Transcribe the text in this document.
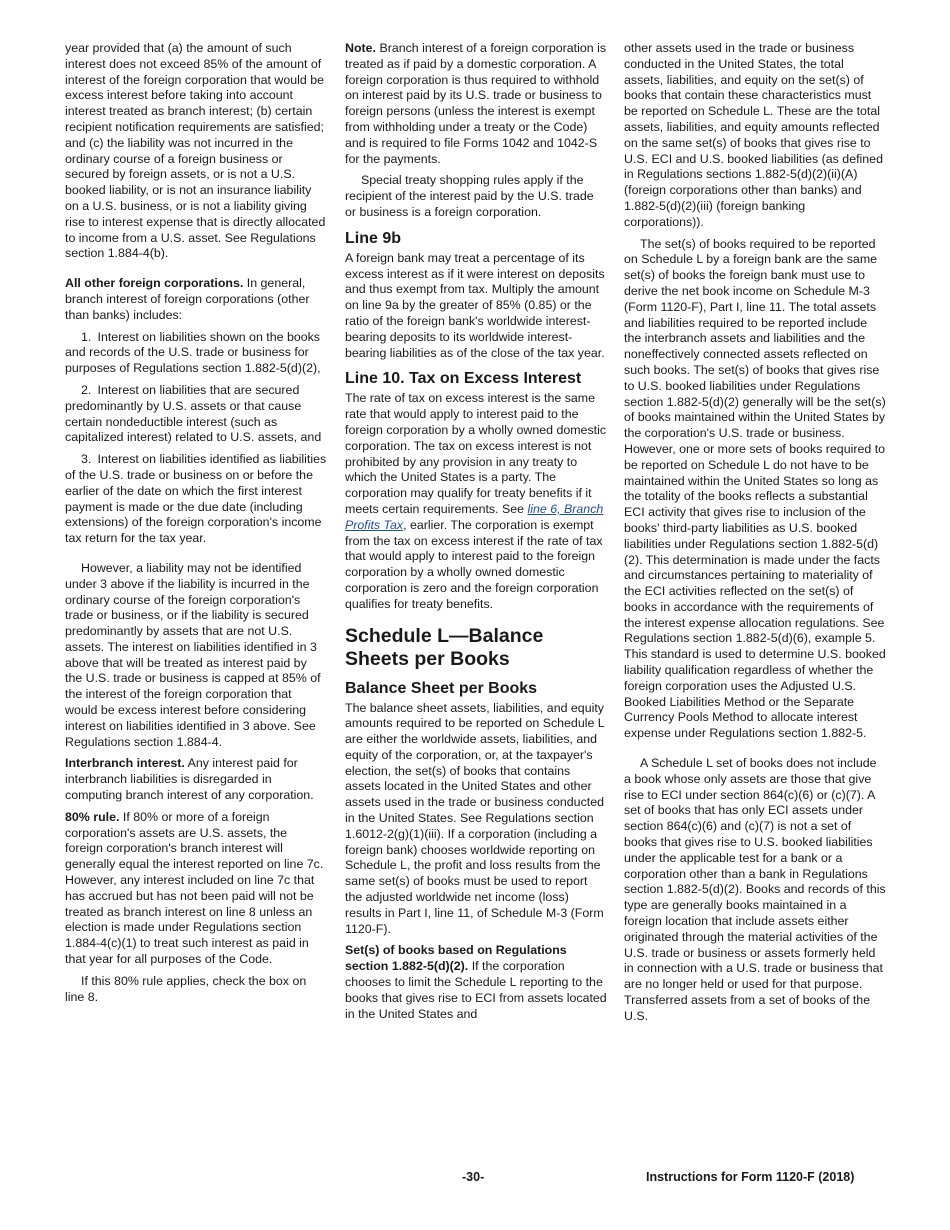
year provided that (a) the amount of such interest does not exceed 85% of the amount of interest of the foreign corporation that would be excess interest before taking into account interest treated as branch interest; (b) certain recipient notification requirements are satisfied; and (c) the liability was not incurred in the ordinary course of a foreign business or secured by foreign assets, or is not a U.S. booked liability, or is not an insurance liability on a U.S. business, or is not a liability giving rise to interest expense that is directly allocated to income from a U.S. asset. See Regulations section 1.884-4(b).

All other foreign corporations. In general, branch interest of foreign corporations (other than banks) includes:

1. Interest on liabilities shown on the books and records of the U.S. trade or business for purposes of Regulations section 1.882-5(d)(2),

2. Interest on liabilities that are secured predominantly by U.S. assets or that cause certain nondeductible interest (such as capitalized interest) related to U.S. assets, and

3. Interest on liabilities identified as liabilities of the U.S. trade or business on or before the earlier of the date on which the first interest payment is made or the due date (including extensions) of the foreign corporation's income tax return for the tax year.

However, a liability may not be identified under 3 above if the liability is incurred in the ordinary course of the foreign corporation's trade or business, or if the liability is secured predominantly by assets that are not U.S. assets. The interest on liabilities identified in 3 above that will be treated as interest paid by the U.S. trade or business is capped at 85% of the interest of the foreign corporation that would be excess interest before considering interest on liabilities identified in 3 above. See Regulations section 1.884-4.

Interbranch interest. Any interest paid for interbranch liabilities is disregarded in computing branch interest of any corporation.

80% rule. If 80% or more of a foreign corporation's assets are U.S. assets, the foreign corporation's branch interest will generally equal the interest reported on line 7c. However, any interest included on line 7c that has accrued but has not been paid will not be treated as branch interest on line 8 unless an election is made under Regulations section 1.884-4(c)(1) to treat such interest as paid in that year for all purposes of the Code.

If this 80% rule applies, check the box on line 8.

Note. Branch interest of a foreign corporation is treated as if paid by a domestic corporation. A foreign corporation is thus required to withhold on interest paid by its U.S. trade or business to foreign persons (unless the interest is exempt from withholding under a treaty or the Code) and is required to file Forms 1042 and 1042-S for the payments.

Special treaty shopping rules apply if the recipient of the interest paid by the U.S. trade or business is a foreign corporation.

Line 9b

A foreign bank may treat a percentage of its excess interest as if it were interest on deposits and thus exempt from tax. Multiply the amount on line 9a by the greater of 85% (0.85) or the ratio of the foreign bank's worldwide interest-bearing deposits to its worldwide interest-bearing liabilities as of the close of the tax year.

Line 10. Tax on Excess Interest

The rate of tax on excess interest is the same rate that would apply to interest paid to the foreign corporation by a wholly owned domestic corporation. The tax on excess interest is not prohibited by any provision in any treaty to which the United States is a party. The corporation may qualify for treaty benefits if it meets certain requirements. See line 6, Branch Profits Tax, earlier. The corporation is exempt from the tax on excess interest if the rate of tax that would apply to interest paid to the foreign corporation by a wholly owned domestic corporation is zero and the foreign corporation qualifies for treaty benefits.

Schedule L—Balance Sheets per Books
Balance Sheet per Books

The balance sheet assets, liabilities, and equity amounts required to be reported on Schedule L are either the worldwide assets, liabilities, and equity of the corporation, or, at the taxpayer's election, the set(s) of books that contains assets located in the United States and other assets used in the trade or business conducted in the United States. See Regulations section 1.6012-2(g)(1)(iii). If a corporation (including a foreign bank) chooses worldwide reporting on Schedule L, the profit and loss results from the same set(s) of books must be used to report the adjusted worldwide net income (loss) results in Part I, line 11, of Schedule M-3 (Form 1120-F).

Set(s) of books based on Regulations section 1.882-5(d)(2). If the corporation chooses to limit the Schedule L reporting to the books that gives rise to ECI from assets located in the United States and

other assets used in the trade or business conducted in the United States, the total assets, liabilities, and equity on the set(s) of books that contain these characteristics must be reported on Schedule L. These are the total assets, liabilities, and equity amounts reflected on the same set(s) of books that gives rise to U.S. ECI and U.S. booked liabilities (as defined in Regulations sections 1.882-5(d)(2)(ii)(A) (foreign corporations other than banks) and 1.882-5(d)(2)(iii) (foreign banking corporations)).

The set(s) of books required to be reported on Schedule L by a foreign bank are the same set(s) of books the foreign bank must use to derive the net book income on Schedule M-3 (Form 1120-F), Part I, line 11. The total assets and liabilities required to be reported include the interbranch assets and liabilities and the noneffectively connected assets reflected on such books. The set(s) of books that gives rise to U.S. booked liabilities under Regulations section 1.882-5(d)(2) generally will be the set(s) of books maintained within the United States by the corporation's U.S. trade or business. However, one or more sets of books required to be reported on Schedule L do not have to be maintained within the United States so long as the totality of the books reflects a substantial ECI activity that gives rise to inclusion of the books' third-party liabilities as U.S. booked liabilities under Regulations section 1.882-5(d)(2). This determination is made under the facts and circumstances pertaining to materiality of the ECI activities reflected on the set(s) of books in accordance with the requirements of the interest expense allocation regulations. See Regulations section 1.882-5(d)(6), example 5. This standard is used to determine U.S. booked liability qualification regardless of whether the foreign corporation uses the Adjusted U.S. Booked Liabilities Method or the Separate Currency Pools Method to allocate interest expense under Regulations section 1.882-5.

A Schedule L set of books does not include a book whose only assets are those that give rise to ECI under section 864(c)(6) or (c)(7). A set of books that has only ECI assets under section 864(c)(6) and (c)(7) is not a set of books that gives rise to U.S. booked liabilities under the applicable test for a bank or a corporation other than a bank in Regulations section 1.882-5(d)(2). Books and records of this type are generally books maintained in a foreign location that include assets either originated through the material activities of the U.S. trade or business or assets formerly held in connection with a U.S. trade or business that are no longer held or used for that purpose. Transferred assets from a set of books of the U.S.

-30-	Instructions for Form 1120-F (2018)
